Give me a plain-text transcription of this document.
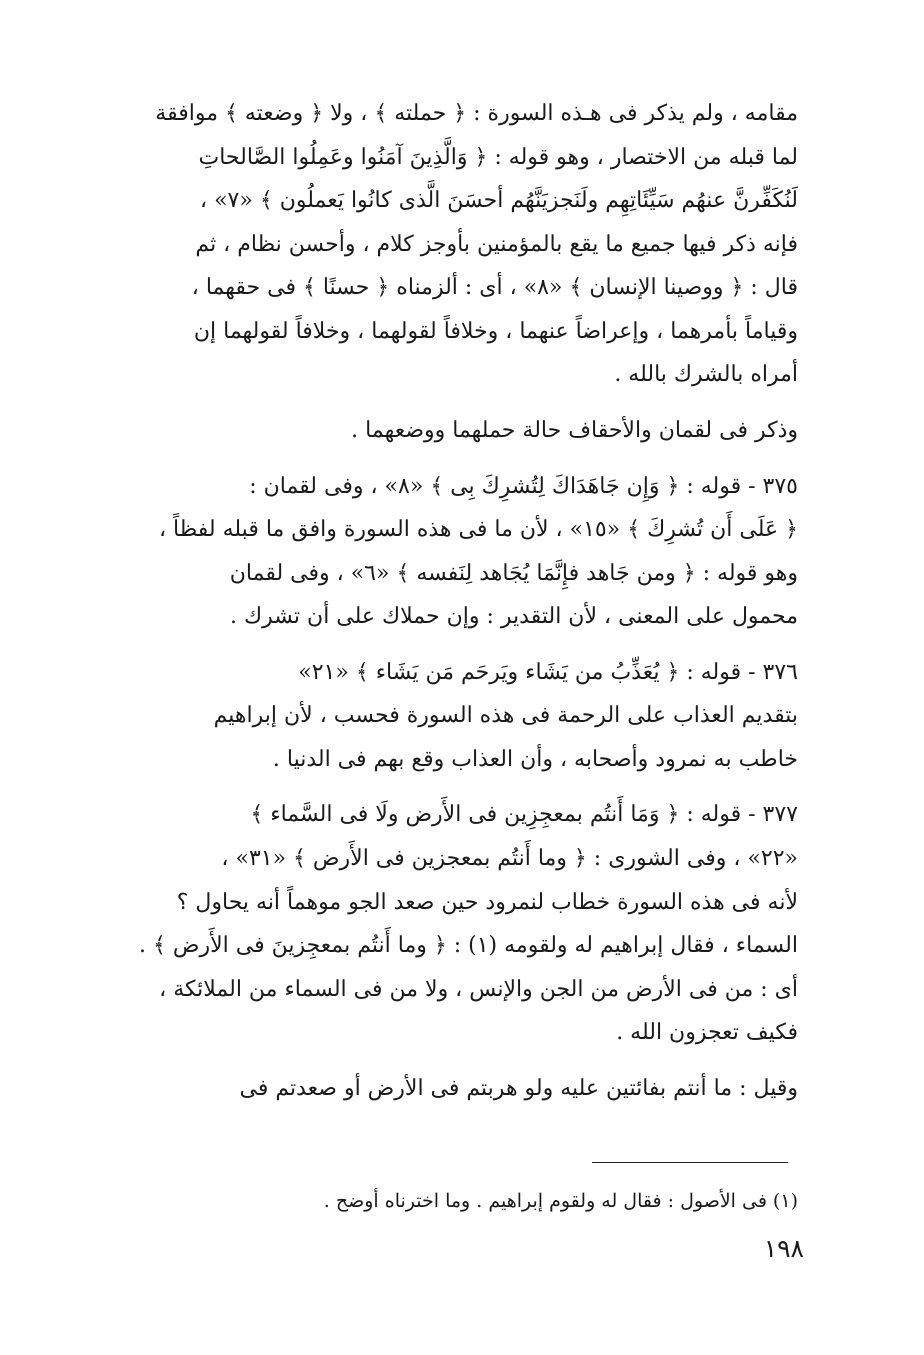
مقامه ، ولم يذكر فى هـذه السورة : ﴿ حملته ﴾ ، ولا ﴿ وضعته ﴾ موافقة
لما قبله من الاختصار ، وهو قوله : ﴿ وَالَّذِينَ آمَنُوا وعَمِلُوا الصَّالحاتِ
لَنُكَفِّرنَّ عنهُم سَيِّئَاتِهِم ولَنَجزيَنَّهُم أحسَنَ الَّذى كانُوا يَعملُون ﴾ «٧» ،
فإنه ذكر فيها جميع ما يقع بالمؤمنين بأوجز كلام ، وأحسن نظام ، ثم
قال : ﴿ ووصينا الإنسان ﴾ «٨» ، أى : ألزمناه ﴿ حسنًا ﴾ فى حقهما ،
وقياماً بأمرهما ، وإعراضاً عنهما ، وخلافاً لقولهما ، وخلافاً لقولهما إن
أمراه بالشرك بالله .

وذكر فى لقمان والأحقاف حالة حملهما ووضعهما .

٣٧٥ - قوله : ﴿ وَإِن جَاهَدَاكَ لِتُشرِكَ بِى ﴾ «٨» ، وفى لقمان :
﴿ عَلَى أَن تُشرِكَ ﴾ «١٥» ، لأن ما فى هذه السورة وافق ما قبله لفظاً ،
وهو قوله : ﴿ ومن جَاهد فإِنَّمَا يُجَاهد لِنَفسه ﴾ «٦» ، وفى لقمان
محمول على المعنى ، لأن التقدير : وإن حملاك على أن تشرك .

٣٧٦ - قوله : ﴿ يُعَذِّبُ من يَشَاء ويَرحَم مَن يَشَاء ﴾ «٢١»
بتقديم العذاب على الرحمة فى هذه السورة فحسب ، لأن إبراهيم
خاطب به نمرود وأصحابه ، وأن العذاب وقع بهم فى الدنيا .

٣٧٧ - قوله : ﴿ وَمَا أَنتُم بمعجِزِين فى الأَرض ولَا فى السَّماء ﴾
«٢٢» ، وفى الشورى : ﴿ وما أَنتُم بمعجزين فى الأَرض ﴾ «٣١» ،
لأنه فى هذه السورة خطاب لنمرود حين صعد الجو موهماً أنه يحاول ؟
السماء ، فقال إبراهيم له ولقومه (١) : ﴿ وما أَنتُم بمعجِزينَ فى الأَرض ﴾ .
أى : من فى الأرض من الجن والإنس ، ولا من فى السماء من الملائكة ،
فكيف تعجزون الله .

وقيل : ما أنتم بفائتين عليه ولو هربتم فى الأرض أو صعدتم فى

(١) فى الأصول : فقال له ولقوم إبراهيم . وما اخترناه أوضح .
١٩٨
